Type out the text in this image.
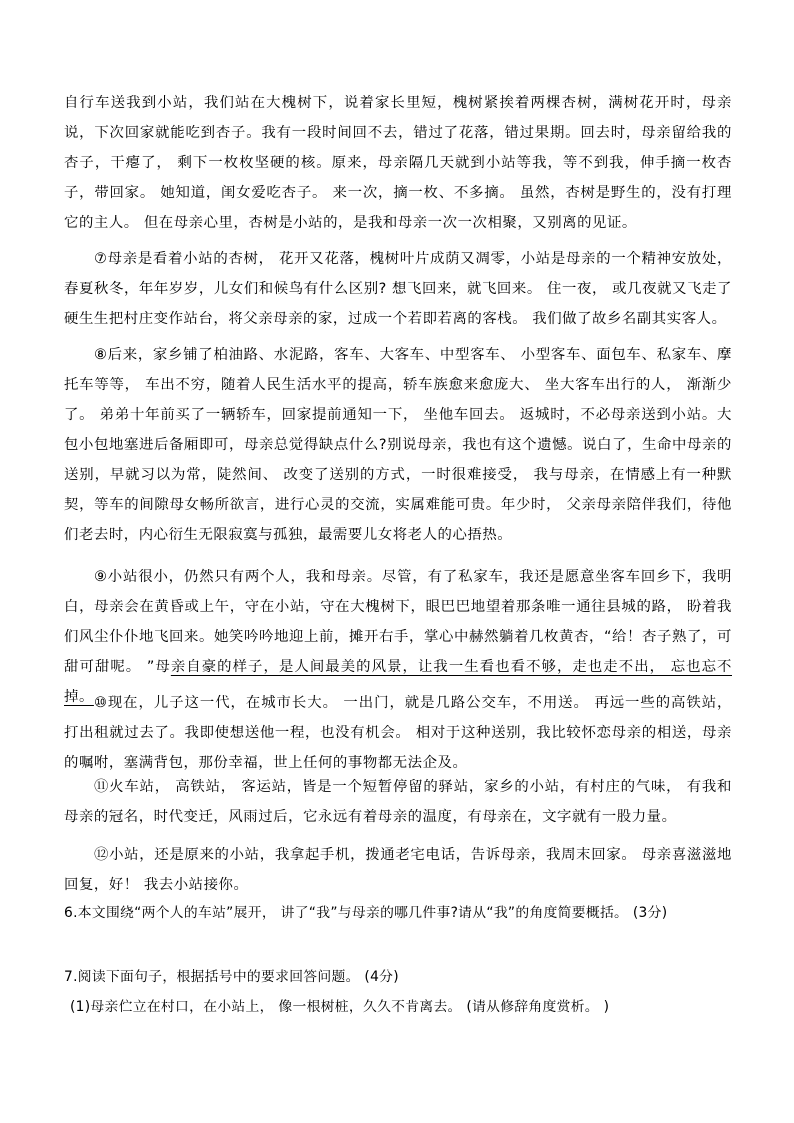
自行车送我到小站，我们站在大槐树下，说着家长里短，槐树紧挨着两棵杏树，满树花开时，母亲说，下次回家就能吃到杏子。我有一段时间回不去，错过了花落，错过果期。回去时，母亲留给我的杏子，干瘪了， 剩下一枚枚坚硬的核。原来，母亲隔几天就到小站等我，等不到我，伸手摘一枚杏子，带回家。 她知道，闺女爱吃杏子。 来一次，摘一枚、不多摘。 虽然，杏树是野生的，没有打理它的主人。 但在母亲心里，杏树是小站的，是我和母亲一次一次相聚，又别离的见证。

⑦母亲是看着小站的杏树， 花开又花落，槐树叶片成荫又凋零，小站是母亲的一个精神安放处， 春夏秋冬，年年岁岁，儿女们和候鸟有什么区别? 想飞回来，就飞回来。 住一夜， 或几夜就又飞走了硬生生把村庄变作站台，将父亲母亲的家，过成一个若即若离的客栈。 我们做了故乡名副其实客人。

⑧后来，家乡铺了柏油路、水泥路，客车、大客车、中型客车、 小型客车、面包车、私家车、摩托车等等， 车出不穷，随着人民生活水平的提高，轿车族愈来愈庞大、 坐大客车出行的人， 渐渐少了。 弟弟十年前买了一辆轿车，回家提前通知一下， 坐他车回去。 返城时，不必母亲送到小站。大包小包地塞进后备厢即可，母亲总觉得缺点什么?别说母亲，我也有这个遗憾。说白了，生命中母亲的送别，早就习以为常，陡然间、 改变了送别的方式，一时很难接受， 我与母亲，在情感上有一种默契，等车的间隙母女畅所欲言，进行心灵的交流，实属难能可贵。年少时， 父亲母亲陪伴我们，待他们老去时，内心衍生无限寂寞与孤独，最需要儿女将老人的心捂热。

⑨小站很小，仍然只有两个人，我和母亲。尽管，有了私家车，我还是愿意坐客车回乡下，我明白，母亲会在黄昏或上午，守在小站，守在大槐树下，眼巴巴地望着那条唯一通往县城的路， 盼着我们风尘仆仆地飞回来。她笑吟吟地迎上前，摊开右手，掌心中赫然躺着几枚黄杏，“给！杏子熟了，可甜可甜呢。 ”母亲自豪的样子，是人间最美的风景，让我一生看也看不够，走也走不出， 忘也忘不掉。 ⑩现在，儿子这一代，在城市长大。 一出门，就是几路公交车，不用送。 再远一些的高铁站， 打出租就过去了。我即使想送他一程，也没有机会。 相对于这种送别，我比较怀恋母亲的相送，母亲的嘱咐，塞满背包，那份幸福，世上任何的事物都无法企及。

⑪火车站， 高铁站， 客运站，皆是一个短暂停留的驿站，家乡的小站，有村庄的气味， 有我和母亲的冠名，时代变迁，风雨过后，它永远有着母亲的温度，有母亲在，文字就有一股力量。

⑫小站，还是原来的小站，我拿起手机，拨通老宅电话，告诉母亲，我周末回家。 母亲喜滋滋地回复，好！ 我去小站接你。

6.本文围绕“两个人的车站”展开， 讲了“我”与母亲的哪几件事?请从“我”的角度简要概括。 (3分)
7.阅读下面句子，根据括号中的要求回答问题。 (4分)
(1)母亲伫立在村口，在小站上， 像一根树桩，久久不肯离去。 (请从修辞角度赏析。 )
